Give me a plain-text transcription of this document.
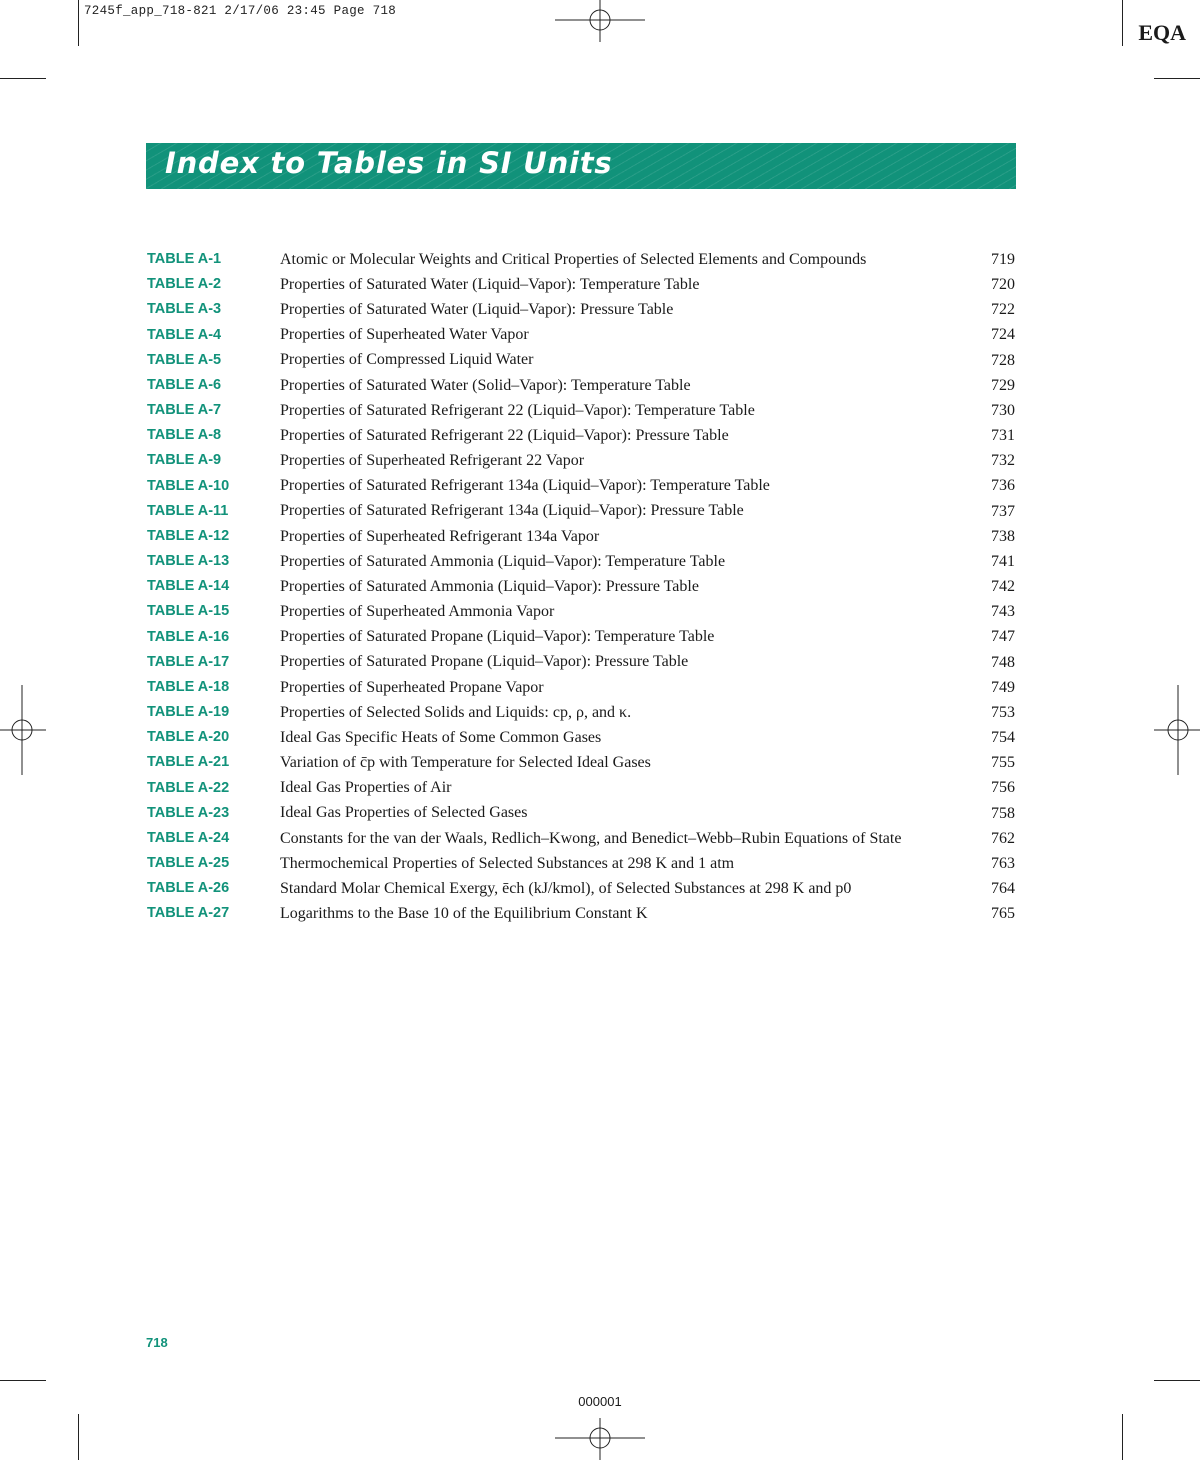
7245f_app_718-821 2/17/06 23:45 Page 718
EQA
Index to Tables in SI Units
TABLE A-1	Atomic or Molecular Weights and Critical Properties of Selected Elements and Compounds	719
TABLE A-2	Properties of Saturated Water (Liquid–Vapor): Temperature Table	720
TABLE A-3	Properties of Saturated Water (Liquid–Vapor): Pressure Table	722
TABLE A-4	Properties of Superheated Water Vapor	724
TABLE A-5	Properties of Compressed Liquid Water	728
TABLE A-6	Properties of Saturated Water (Solid–Vapor): Temperature Table	729
TABLE A-7	Properties of Saturated Refrigerant 22 (Liquid–Vapor): Temperature Table	730
TABLE A-8	Properties of Saturated Refrigerant 22 (Liquid–Vapor): Pressure Table	731
TABLE A-9	Properties of Superheated Refrigerant 22 Vapor	732
TABLE A-10	Properties of Saturated Refrigerant 134a (Liquid–Vapor): Temperature Table	736
TABLE A-11	Properties of Saturated Refrigerant 134a (Liquid–Vapor): Pressure Table	737
TABLE A-12	Properties of Superheated Refrigerant 134a Vapor	738
TABLE A-13	Properties of Saturated Ammonia (Liquid–Vapor): Temperature Table	741
TABLE A-14	Properties of Saturated Ammonia (Liquid–Vapor): Pressure Table	742
TABLE A-15	Properties of Superheated Ammonia Vapor	743
TABLE A-16	Properties of Saturated Propane (Liquid–Vapor): Temperature Table	747
TABLE A-17	Properties of Saturated Propane (Liquid–Vapor): Pressure Table	748
TABLE A-18	Properties of Superheated Propane Vapor	749
TABLE A-19	Properties of Selected Solids and Liquids: cp, ρ, and κ.	753
TABLE A-20	Ideal Gas Specific Heats of Some Common Gases	754
TABLE A-21	Variation of c̄p with Temperature for Selected Ideal Gases	755
TABLE A-22	Ideal Gas Properties of Air	756
TABLE A-23	Ideal Gas Properties of Selected Gases	758
TABLE A-24	Constants for the van der Waals, Redlich–Kwong, and Benedict–Webb–Rubin Equations of State	762
TABLE A-25	Thermochemical Properties of Selected Substances at 298 K and 1 atm	763
TABLE A-26	Standard Molar Chemical Exergy, ēch (kJ/kmol), of Selected Substances at 298 K and p0	764
TABLE A-27	Logarithms to the Base 10 of the Equilibrium Constant K	765
718
000001
